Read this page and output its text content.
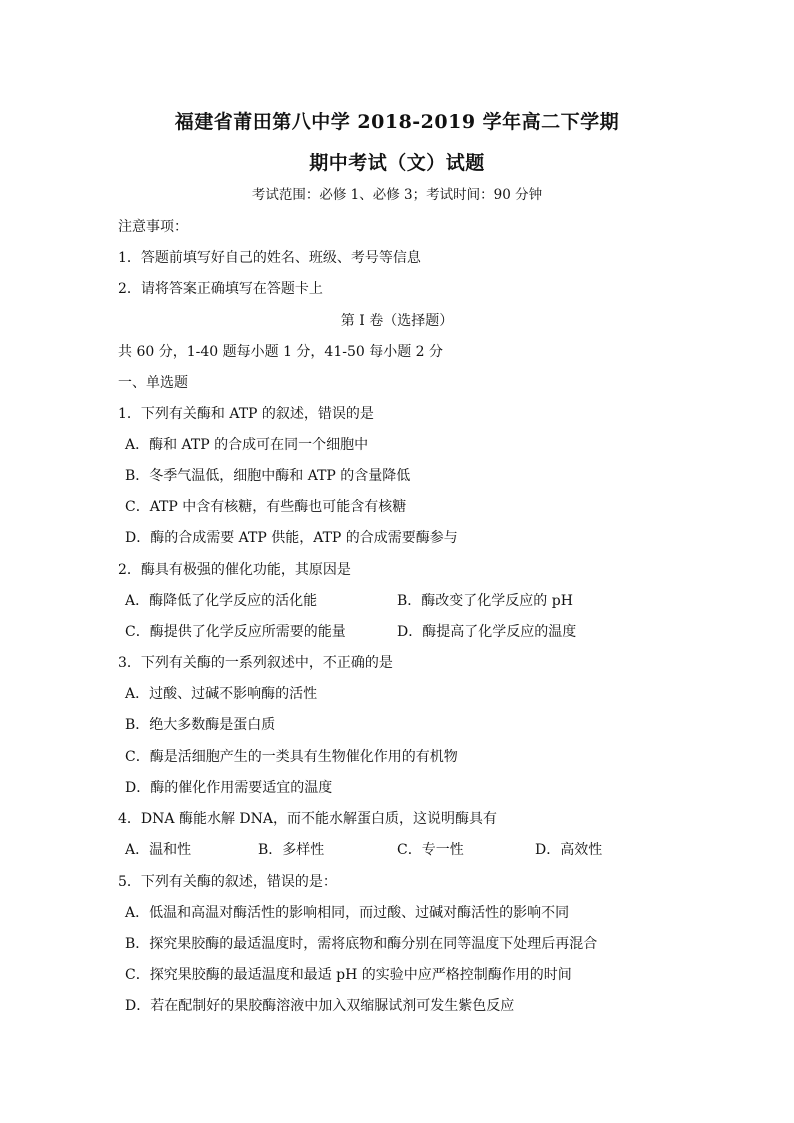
福建省莆田第八中学 2018-2019 学年高二下学期
期中考试（文）试题
考试范围：必修 1、必修 3；考试时间：90 分钟
注意事项：
1．答题前填写好自己的姓名、班级、考号等信息
2．请将答案正确填写在答题卡上
第 I 卷（选择题）
共 60 分，1-40 题每小题 1 分，41-50 每小题 2 分
一、单选题
1．下列有关酶和 ATP 的叙述，错误的是
A．酶和 ATP 的合成可在同一个细胞中
B．冬季气温低，细胞中酶和 ATP 的含量降低
C．ATP 中含有核糖，有些酶也可能含有核糖
D．酶的合成需要 ATP 供能，ATP 的合成需要酶参与
2．酶具有极强的催化功能，其原因是
A．酶降低了化学反应的活化能	B．酶改变了化学反应的 pH
C．酶提供了化学反应所需要的能量	D．酶提高了化学反应的温度
3．下列有关酶的一系列叙述中，不正确的是
A．过酸、过碱不影响酶的活性
B．绝大多数酶是蛋白质
C．酶是活细胞产生的一类具有生物催化作用的有机物
D．酶的催化作用需要适宜的温度
4．DNA 酶能水解 DNA，而不能水解蛋白质，这说明酶具有
A．温和性	B．多样性	C．专一性	D．高效性
5．下列有关酶的叙述，错误的是：
A．低温和高温对酶活性的影响相同，而过酸、过碱对酶活性的影响不同
B．探究果胶酶的最适温度时，需将底物和酶分别在同等温度下处理后再混合
C．探究果胶酶的最适温度和最适 pH 的实验中应严格控制酶作用的时间
D．若在配制好的果胶酶溶液中加入双缩脲试剂可发生紫色反应
